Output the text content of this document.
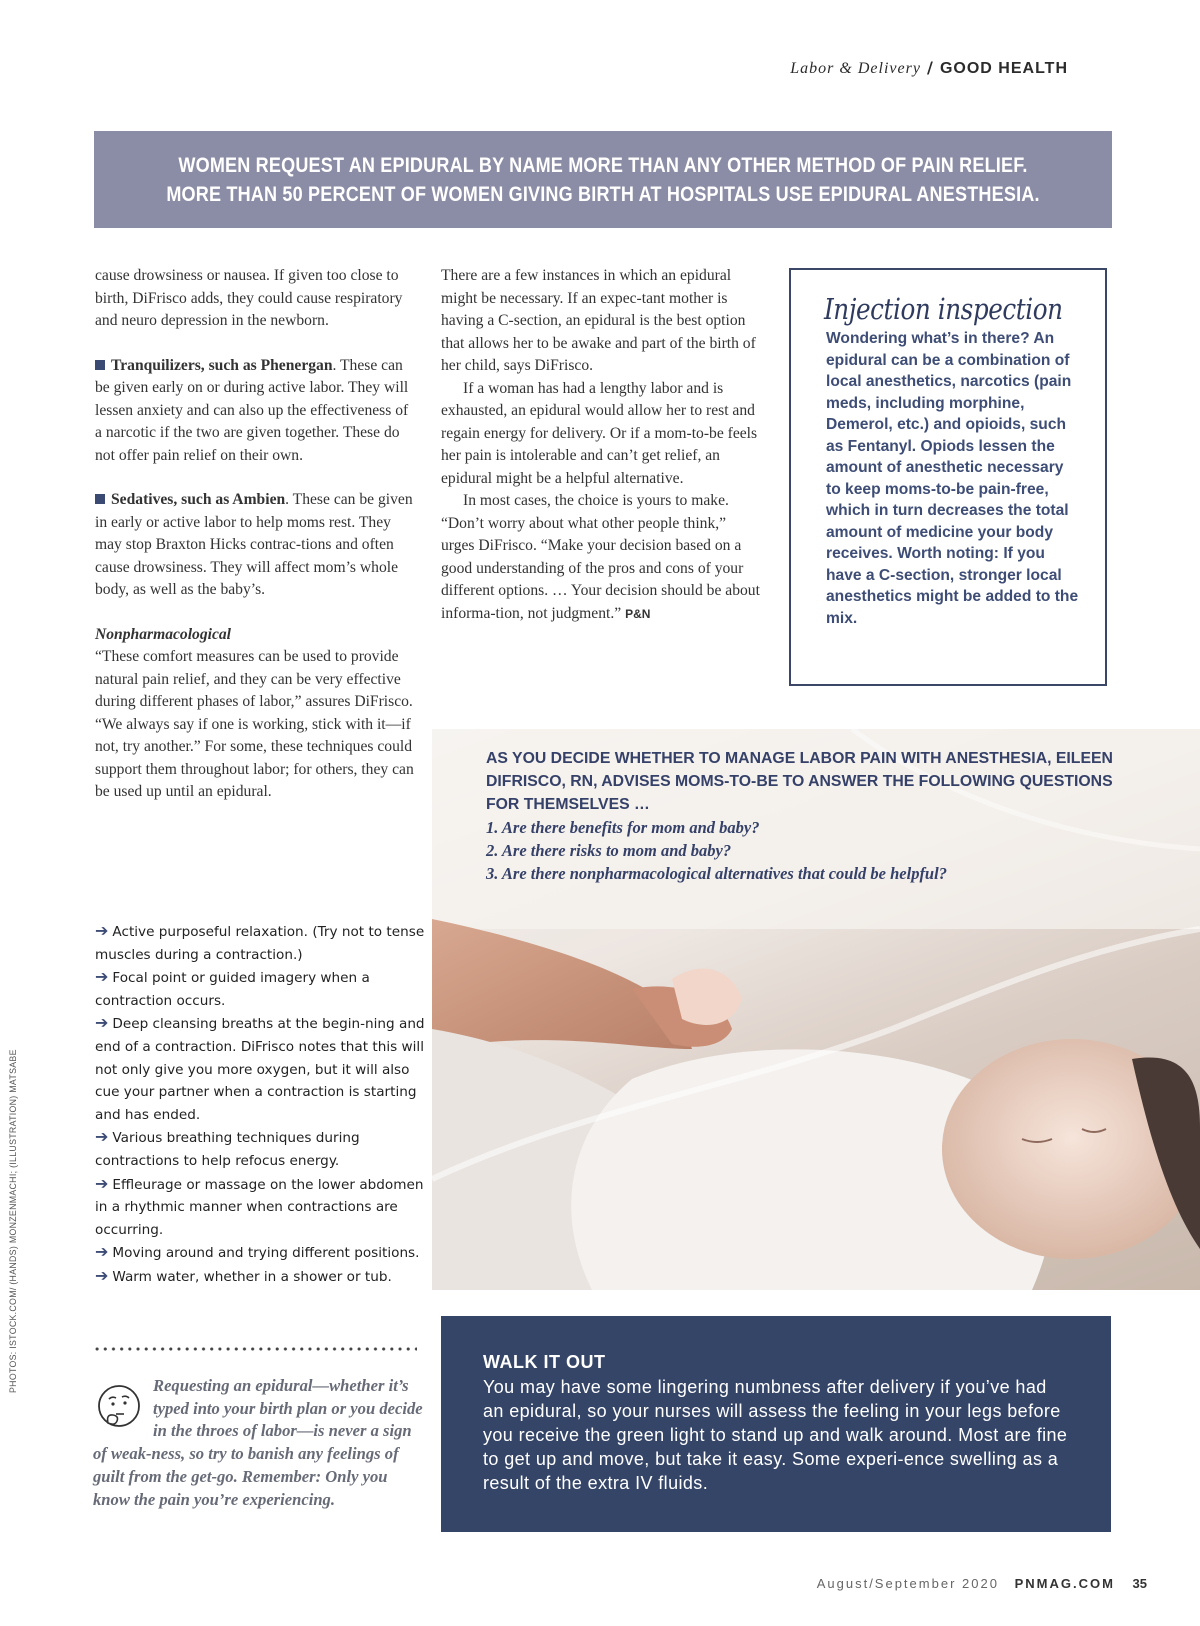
Labor & Delivery / GOOD HEALTH
WOMEN REQUEST AN EPIDURAL BY NAME MORE THAN ANY OTHER METHOD OF PAIN RELIEF.
MORE THAN 50 PERCENT OF WOMEN GIVING BIRTH AT HOSPITALS USE EPIDURAL ANESTHESIA.

cause drowsiness or nausea. If given too close to birth, DiFrisco adds, they could cause respiratory and neuro depression in the newborn.

Tranquilizers, such as Phenergan. These can be given early on or during active labor. They will lessen anxiety and can also up the effectiveness of a narcotic if the two are given together. These do not offer pain relief on their own.

Sedatives, such as Ambien. These can be given in early or active labor to help moms rest. They may stop Braxton Hicks contrac-tions and often cause drowsiness. They will affect mom’s whole body, as well as the baby’s.

Nonpharmacological

“These comfort measures can be used to provide natural pain relief, and they can be very effective during different phases of labor,” assures DiFrisco. “We always say if one is working, stick with it—if not, try another.” For some, these techniques could support them throughout labor; for others, they can be used up until an epidural.

There are a few instances in which an epidural might be necessary. If an expec-tant mother is having a C-section, an epidural is the best option that allows her to be awake and part of the birth of her child, says DiFrisco.

If a woman has had a lengthy labor and is exhausted, an epidural would allow her to rest and regain energy for delivery. Or if a mom-to-be feels her pain is intolerable and can’t get relief, an epidural might be a helpful alternative.

In most cases, the choice is yours to make. “Don’t worry about what other people think,” urges DiFrisco. “Make your decision based on a good understanding of the pros and cons of your different options. … Your decision should be about informa-tion, not judgment.” P&N

Injection inspection
Wondering what’s in there? An epidural can be a combination of local anesthetics, narcotics (pain meds, including morphine, Demerol, etc.) and opioids, such as Fentanyl. Opiods lessen the amount of anesthetic necessary to keep moms-to-be pain-free, which in turn decreases the total amount of medicine your body receives. Worth noting: If you have a C-section, stronger local anesthetics might be added to the mix.

➔ Active purposeful relaxation. (Try not to tense muscles during a contraction.)

➔ Focal point or guided imagery when a contraction occurs.

➔ Deep cleansing breaths at the begin-ning and end of a contraction. DiFrisco notes that this will not only give you more oxygen, but it will also cue your partner when a contraction is starting and has ended.

➔ Various breathing techniques during contractions to help refocus energy.

➔ Effleurage or massage on the lower abdomen in a rhythmic manner when contractions are occurring.

➔ Moving around and trying different positions.

➔ Warm water, whether in a shower or tub.

Requesting an epidural—whether it’s typed into your birth plan or you decide in the throes of labor—is never a sign of weak-ness, so try to banish any feelings of guilt from the get-go. Remember: Only you know the pain you’re experiencing.
AS YOU DECIDE WHETHER TO MANAGE LABOR PAIN WITH ANESTHESIA, EILEEN DIFRISCO, RN, ADVISES MOMS-TO-BE TO ANSWER THE FOLLOWING QUESTIONS FOR THEMSELVES …
1. Are there benefits for mom and baby?
2. Are there risks to mom and baby?
3. Are there nonpharmacological alternatives that could be helpful?
WALK IT OUT
You may have some lingering numbness after delivery if you’ve had an epidural, so your nurses will assess the feeling in your legs before you receive the green light to stand up and walk around. Most are fine to get up and move, but take it easy. Some experi-ence swelling as a result of the extra IV fluids.
PHOTOS: ISTOCK.COM/ (HANDS) MONZENMACHI; (ILLUSTRATION) MATSABE
August/September 2020 PNMAG.COM 35
